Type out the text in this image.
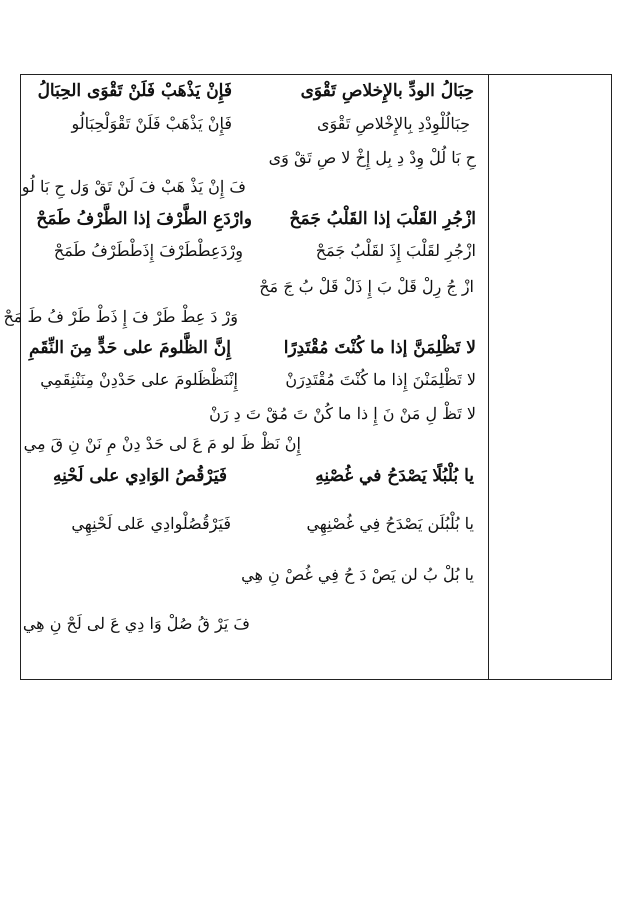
حِبَالُ الودِّ بالإِخلاصِ تَقْوَى
فَإِنْ يَذْهَبْ فَلَنْ تَقْوَى الحِبَالُ
حِبَالُلْوِدْدِ بِالإِخْلاصِ تَقْوَى
فَإِنْ يَذْهَبْ فَلَنْ تَقْوَلْحِبَالُو
حِ بَا لُلْ وِدْ دِ بِل إِخْ لا صِ تَقْ وَى
فَ إِنْ يَذْ هَبْ فَ لَنْ تَقْ وَل حِ بَا لُو
ازْجُرِ القَلْبَ إذا القَلْبُ جَمَحْ
وارْدَعِ الطَّرْفَ إذا الطَّرْفُ طَمَحْ
ازْجُرِ لقَلْبَ إِذَ لقَلْبُ جَمَحْ
وِرْدَعِطْطَرْفَ إِذَطْطَرْفُ طَمَحْ
ازْ جُ رِلْ قَلْ بَ إِ ذَلْ قَلْ بُ جَ مَحْ
وَرْ دَ عِطْ طَرْ فَ إِ ذَطْ طَرْ فُ طَ مَحْ
لا تَظْلِمَنَّ إذا ما كُنْتَ مُقْتَدِرًا
إِنَّ الظَّلومَ على حَدٍّ مِنَ النِّقَمِ
لا تَظْلِمَنْنَ إِذا ما كُنْتَ مُقْتَدِرَنْ
إِنْنَظْظَلومَ على حَدْدِنْ مِنَنْنِقَمِي
لا تَظْ لِ مَنْ نَ إِ ذا ما كُنْ تَ مُقْ تَ دِ رَنْ
إِنْ نَظْ ظَ لو مَ عَ لى حَدْ دِنْ مِ نَنْ نِ قَ مِي
يا بُلْبُلًا يَصْدَحُ في غُصْنِهِ
فَيَرْقُصُ الوَادِي على لَحْنِهِ
يا بُلْبُلَن يَصْدَحُ فِي غُصْنِهِي
فَيَرْقُصُلْوادِي عَلى لَحْنِهِي
يا بُلْ بُ لن يَصْ دَ حُ فِي غُصْ نِ هِي
فَ يَرْ قُ صُلْ وَا دِي عَ لى لَحْ نِ هِي
